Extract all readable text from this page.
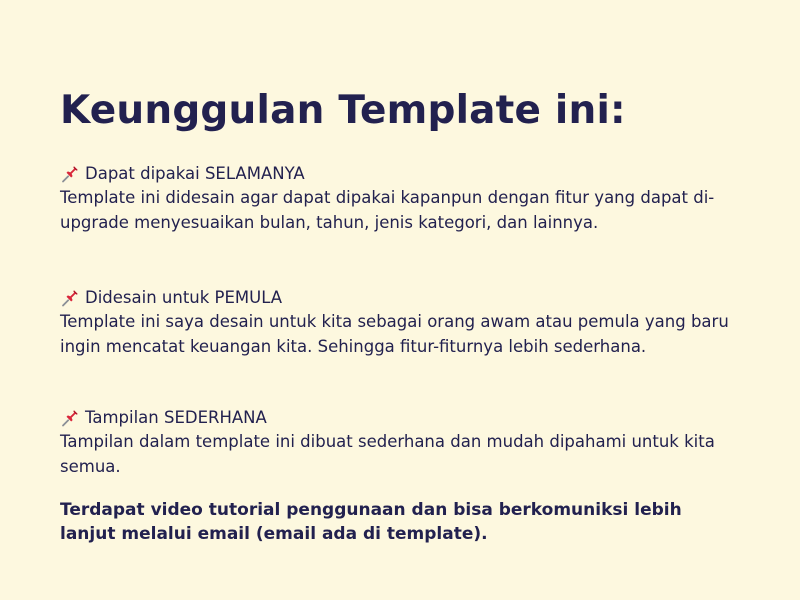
Keunggulan Template ini:
Dapat dipakai SELAMANYA

Template ini didesain agar dapat dipakai kapanpun dengan fitur yang dapat di-upgrade menyesuaikan bulan, tahun, jenis kategori, dan lainnya.

Didesain untuk PEMULA

Template ini saya desain untuk kita sebagai orang awam atau pemula yang baru ingin mencatat keuangan kita. Sehingga fitur-fiturnya lebih sederhana.

Tampilan SEDERHANA

Tampilan dalam template ini dibuat sederhana dan mudah dipahami untuk kita semua.

Terdapat video tutorial penggunaan dan bisa berkomuniksi lebih lanjut melalui email (email ada di template).
